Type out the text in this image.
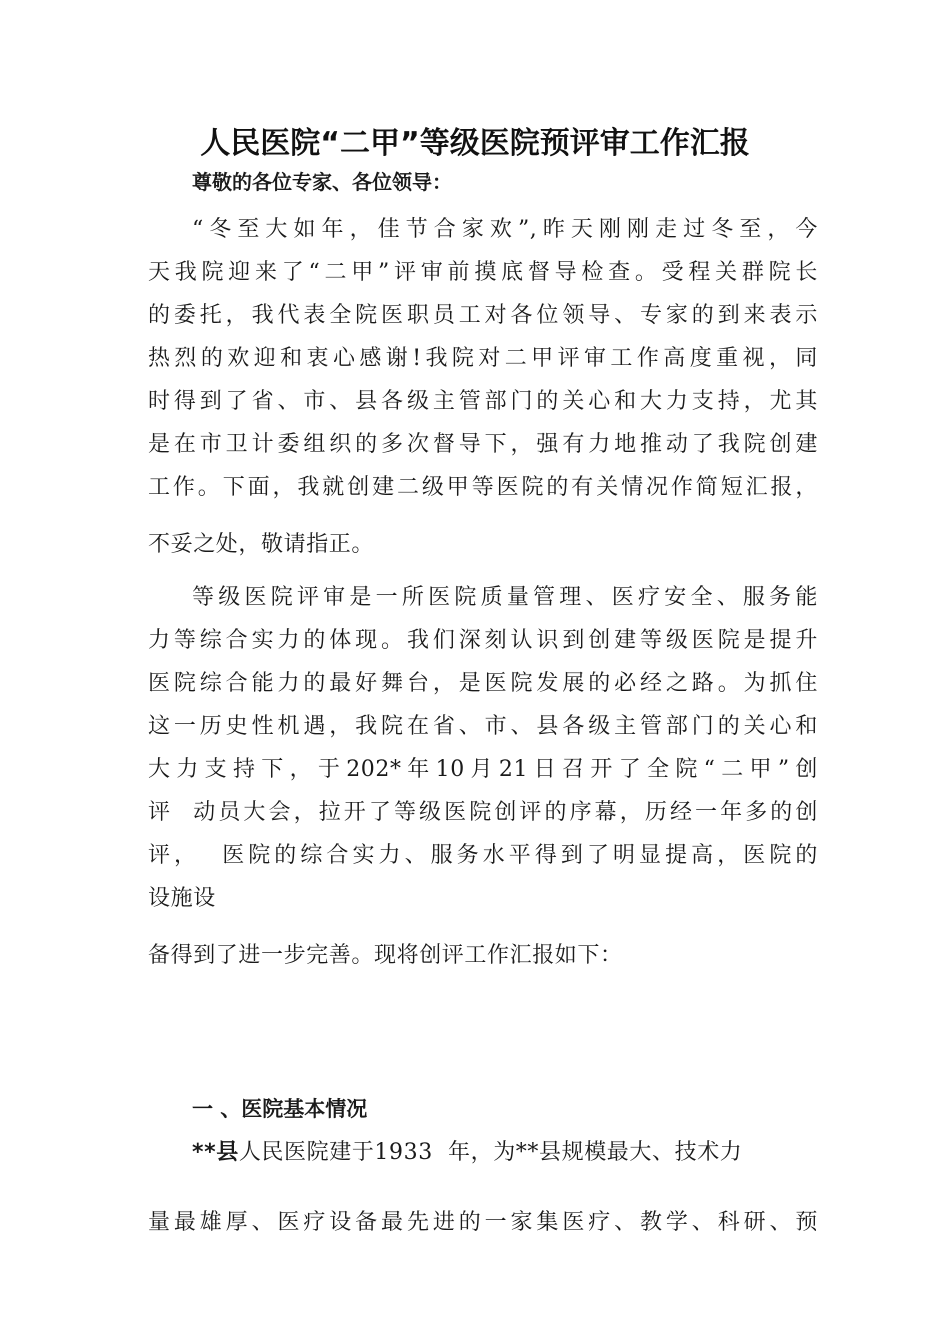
人民医院“二甲”等级医院预评审工作汇报
尊敬的各位专家、各位领导：
“冬至大如年，佳节合家欢”,昨天刚刚走过冬至，今
天我院迎来了“二甲”评审前摸底督导检查。受程关群院长
的委托，我代表全院医职员工对各位领导、专家的到来表示
热烈的欢迎和衷心感谢!我院对二甲评审工作高度重视，同
时得到了省、市、县各级主管部门的关心和大力支持，尤其
是在市卫计委组织的多次督导下，强有力地推动了我院创建
工作。下面，我就创建二级甲等医院的有关情况作简短汇报，
不妥之处，敬请指正。
等级医院评审是一所医院质量管理、医疗安全、服务能
力等综合实力的体现。我们深刻认识到创建等级医院是提升
医院综合能力的最好舞台，是医院发展的必经之路。为抓住
这一历史性机遇，我院在省、市、县各级主管部门的关心和
大力支持下，于202*年10月21日召开了全院“二甲”创
评  动员大会，拉开了等级医院创评的序幕，历经一年多的创
评，  医院的综合实力、服务水平得到了明显提高，医院的
设施设
备得到了进一步完善。现将创评工作汇报如下：
一 、医院基本情况
**县人民医院建于1933  年，为**县规模最大、技术力
量最雄厚、医疗设备最先进的一家集医疗、教学、科研、预
